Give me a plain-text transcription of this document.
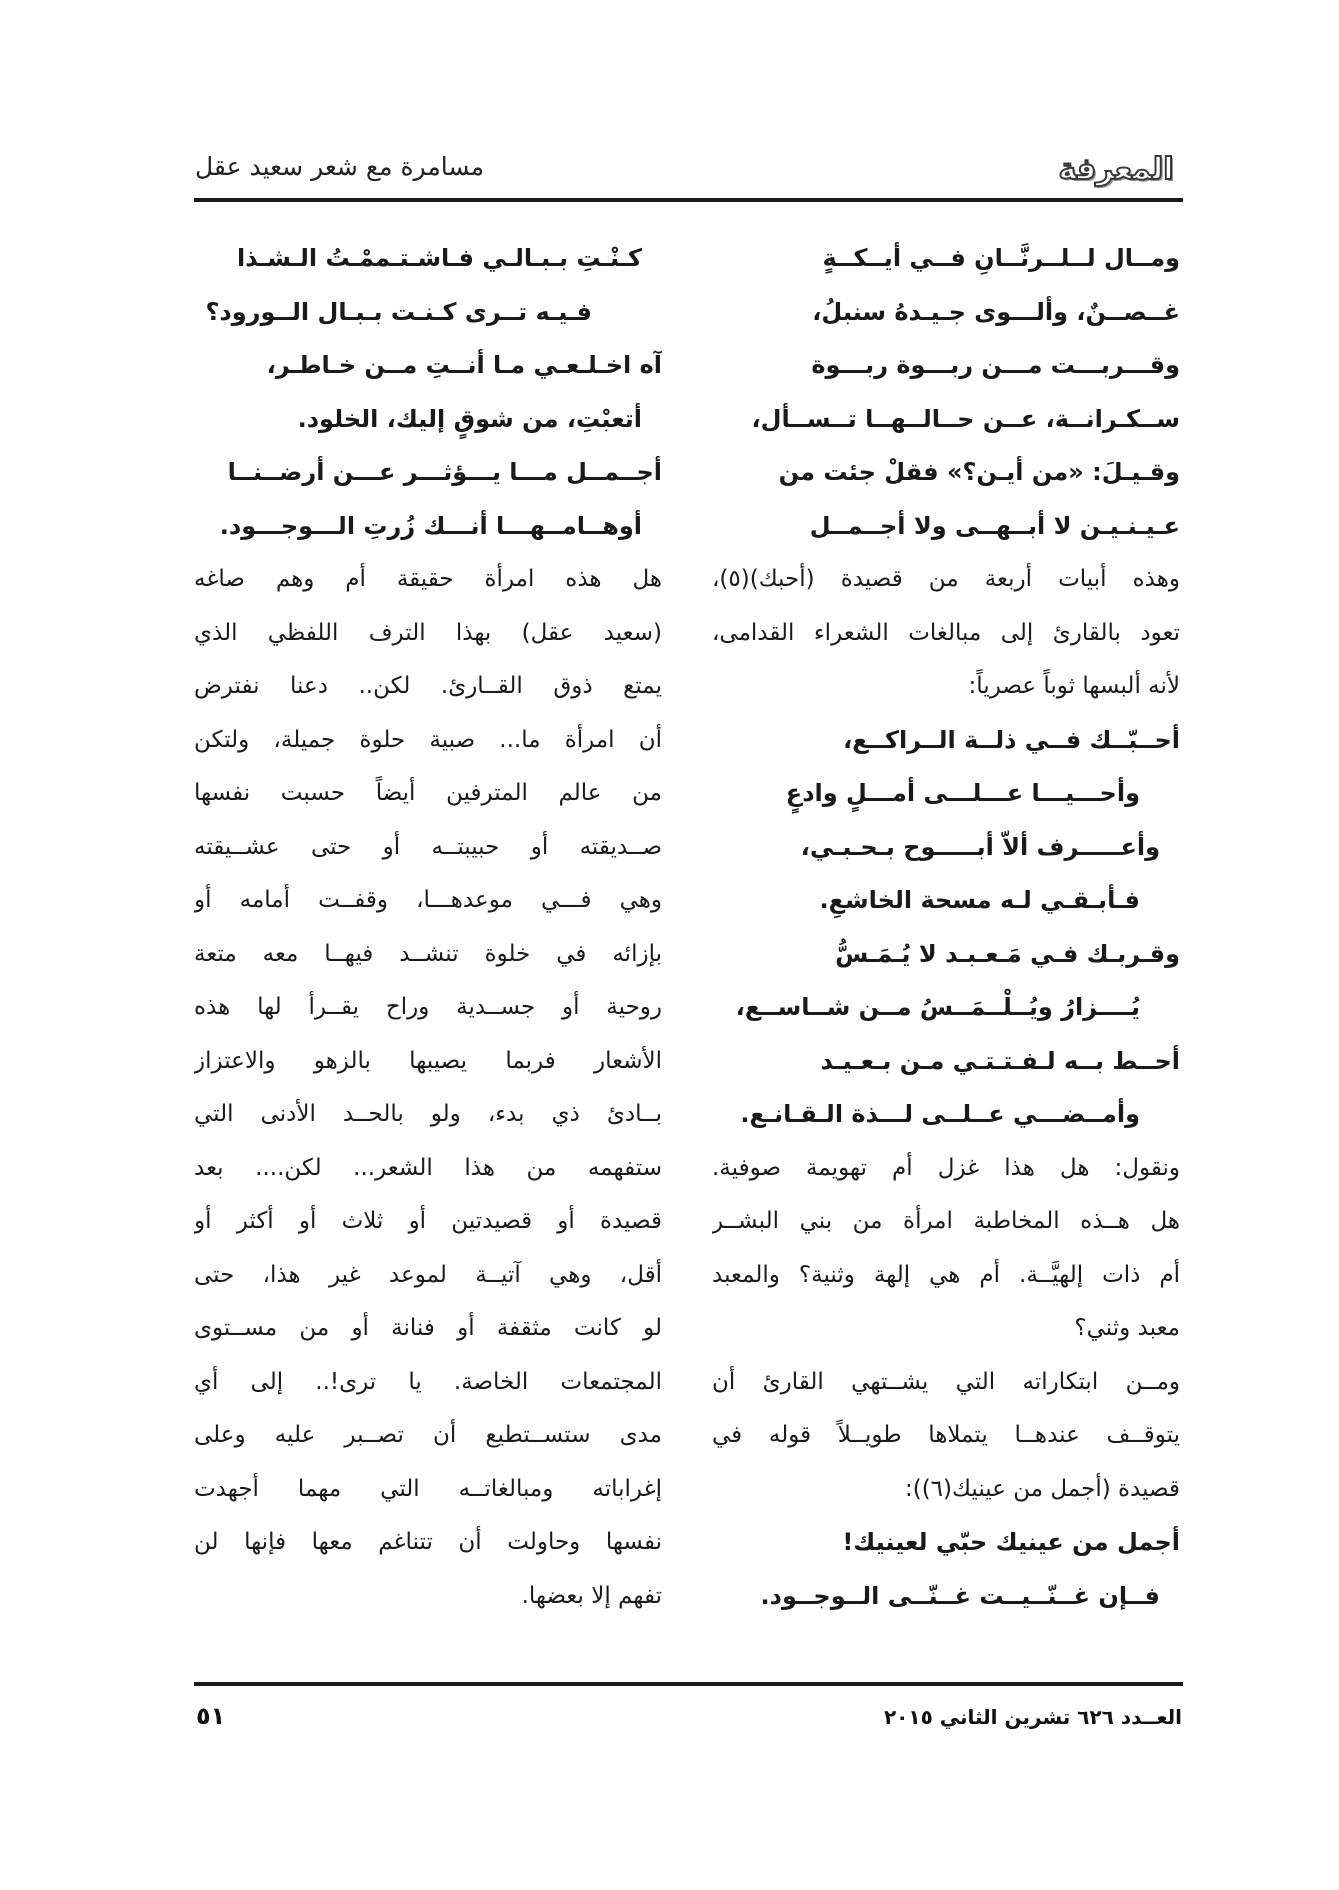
المعرفة
مسامرة مع شعر سعيد عقل
ومــال لــلــرنَّــانِ فــي أيــكــةٍ
غــصــنٌ، وألـــوى جـيـدهُ سنبلُ،
وقـــربـــت مـــن ربـــوة ربـــوة
ســكـرانــة، عــن حــالــهــا تــســأل،
وقـيـلَ: «من أيـن؟» فقلْ جئت من
عـيـنـيـن لا أبــهــى ولا أجــمــل
وهذه أبيات أربعة من قصيدة (أحبك)(٥)،
تعود بالقارئ إلى مبالغات الشعراء القدامى،
لأنه ألبسها ثوباً عصرياً:
أحــبّــك فــي ذلــة الــراكــع،
وأحـــيـــا عـــلـــى أمـــلٍ وادعٍ
وأعـــــرف ألاّ أبـــــوح بـحـبـي،
فـأبـقـي لـه مسحة الخاشعِ.
وقـربـك فـي مَـعـبـد لا يُـمَـسُّ
يُــــزارُ ويُــلْــمَــسُ مــن شــاســع،
أحــط بــه لـفـتـتـي مـن بـعـيـد
وأمــضـــي عــلــى لـــذة الـقـانـع.
ونقول: هل هذا غزل أم تهويمة صوفية.
هل هــذه المخاطبة امرأة من بني البشــر
أم ذات إلهيَّــة. أم هي إلهة وثنية؟ والمعبد
معبد وثني؟
ومــن ابتكاراته التي يشــتهي القارئ أن
يتوقــف عندهــا يتملاها طويــلاً قوله في
قصيدة (أجمل من عينيك(٦)):
أجمل من عينيك حبّي لعينيك!
فــإن غــنّــيــت غــنّــى الــوجــود.
كـنْـتِ بـبـالـي فـاشـتـممْـتُ الـشـذا
فـيـه تــرى كـنـت بـبـال الــورود؟
آه اخـلـعـي مـا أنــتِ مــن خـاطـر،
أتعبْتِ، من شوقٍ إليك، الخلود.
أجــمــل مـــا يـــؤثـــر عـــن أرضــنــا
أوهــامــهـــا أنـــك زُرتِ الـــوجـــود.
هل هذه امرأة حقيقة أم وهم صاغه
(سعيد عقل) بهذا الترف اللفظي الذي
يمتع ذوق القــارئ. لكن.. دعنا نفترض
أن امرأة ما... صبية حلوة جميلة، ولتكن
من عالم المترفين أيضاً حسبت نفسها
صــديقته أو حبيبتــه أو حتى عشــيقته
وهي فـــي موعدهـــا، وقفــت أمامه أو
بإزائه في خلوة تنشــد فيهــا معه متعة
روحية أو جســدية وراح يقــرأ لها هذه
الأشعار فربما يصيبها بالزهو والاعتزاز
بــادئ ذي بدء، ولو بالحــد الأدنى التي
ستفهمه من هذا الشعر... لكن.... بعد
قصيدة أو قصيدتين أو ثلاث أو أكثر أو
أقل، وهي آتيــة لموعد غير هذا، حتى
لو كانت مثقفة أو فنانة أو من مســتوى
المجتمعات الخاصة. يا ترى!.. إلى أي
مدى ستســتطيع أن تصــبر عليه وعلى
إغراباته ومبالغاتــه التي مهما أجهدت
نفسها وحاولت أن تتناغم معها فإنها لن
تفهم إلا بعضها.
العــدد ٦٢٦ تشرين الثاني ٢٠١٥
٥١
